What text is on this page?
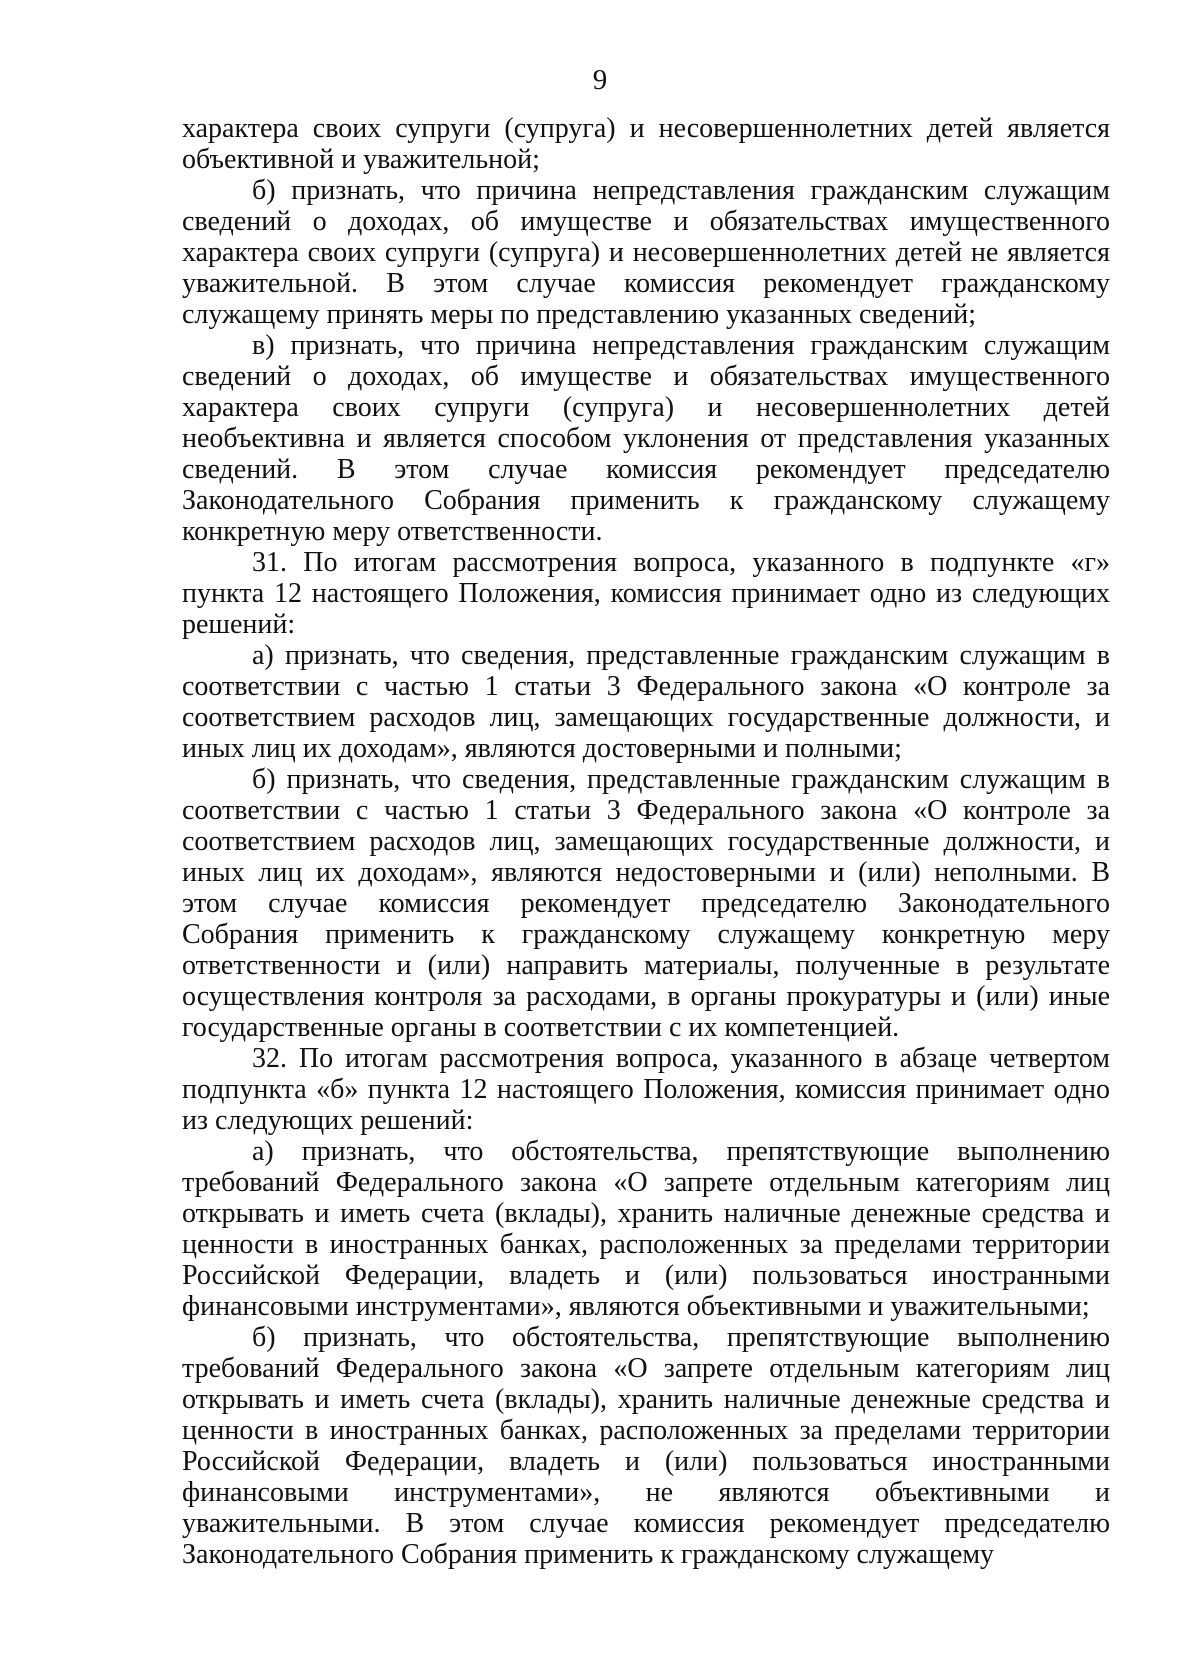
9

характера своих супруги (супруга) и несовершеннолетних детей является объективной и уважительной;

б) признать, что причина непредставления гражданским служащим сведений о доходах, об имуществе и обязательствах имущественного характера своих супруги (супруга) и несовершеннолетних детей не является уважительной. В этом случае комиссия рекомендует гражданскому служащему принять меры по представлению указанных сведений;

в) признать, что причина непредставления гражданским служащим сведений о доходах, об имуществе и обязательствах имущественного характера своих супруги (супруга) и несовершеннолетних детей необъективна и является способом уклонения от представления указанных сведений. В этом случае комиссия рекомендует председателю Законодательного Собрания применить к гражданскому служащему конкретную меру ответственности.

31. По итогам рассмотрения вопроса, указанного в подпункте «г» пункта 12 настоящего Положения, комиссия принимает одно из следующих решений:

а) признать, что сведения, представленные гражданским служащим в соответствии с частью 1 статьи 3 Федерального закона «О контроле за соответствием расходов лиц, замещающих государственные должности, и иных лиц их доходам», являются достоверными и полными;

б) признать, что сведения, представленные гражданским служащим в соответствии с частью 1 статьи 3 Федерального закона «О контроле за соответствием расходов лиц, замещающих государственные должности, и иных лиц их доходам», являются недостоверными и (или) неполными. В этом случае комиссия рекомендует председателю Законодательного Собрания применить к гражданскому служащему конкретную меру ответственности и (или) направить материалы, полученные в результате осуществления контроля за расходами, в органы прокуратуры и (или) иные государственные органы в соответствии с их компетенцией.

32. По итогам рассмотрения вопроса, указанного в абзаце четвертом подпункта «б» пункта 12 настоящего Положения, комиссия принимает одно из следующих решений:

а) признать, что обстоятельства, препятствующие выполнению требований Федерального закона «О запрете отдельным категориям лиц открывать и иметь счета (вклады), хранить наличные денежные средства и ценности в иностранных банках, расположенных за пределами территории Российской Федерации, владеть и (или) пользоваться иностранными финансовыми инструментами», являются объективными и уважительными;

б) признать, что обстоятельства, препятствующие выполнению требований Федерального закона «О запрете отдельным категориям лиц открывать и иметь счета (вклады), хранить наличные денежные средства и ценности в иностранных банках, расположенных за пределами территории Российской Федерации, владеть и (или) пользоваться иностранными финансовыми инструментами», не являются объективными и уважительными. В этом случае комиссия рекомендует председателю Законодательного Собрания применить к гражданскому служащему
